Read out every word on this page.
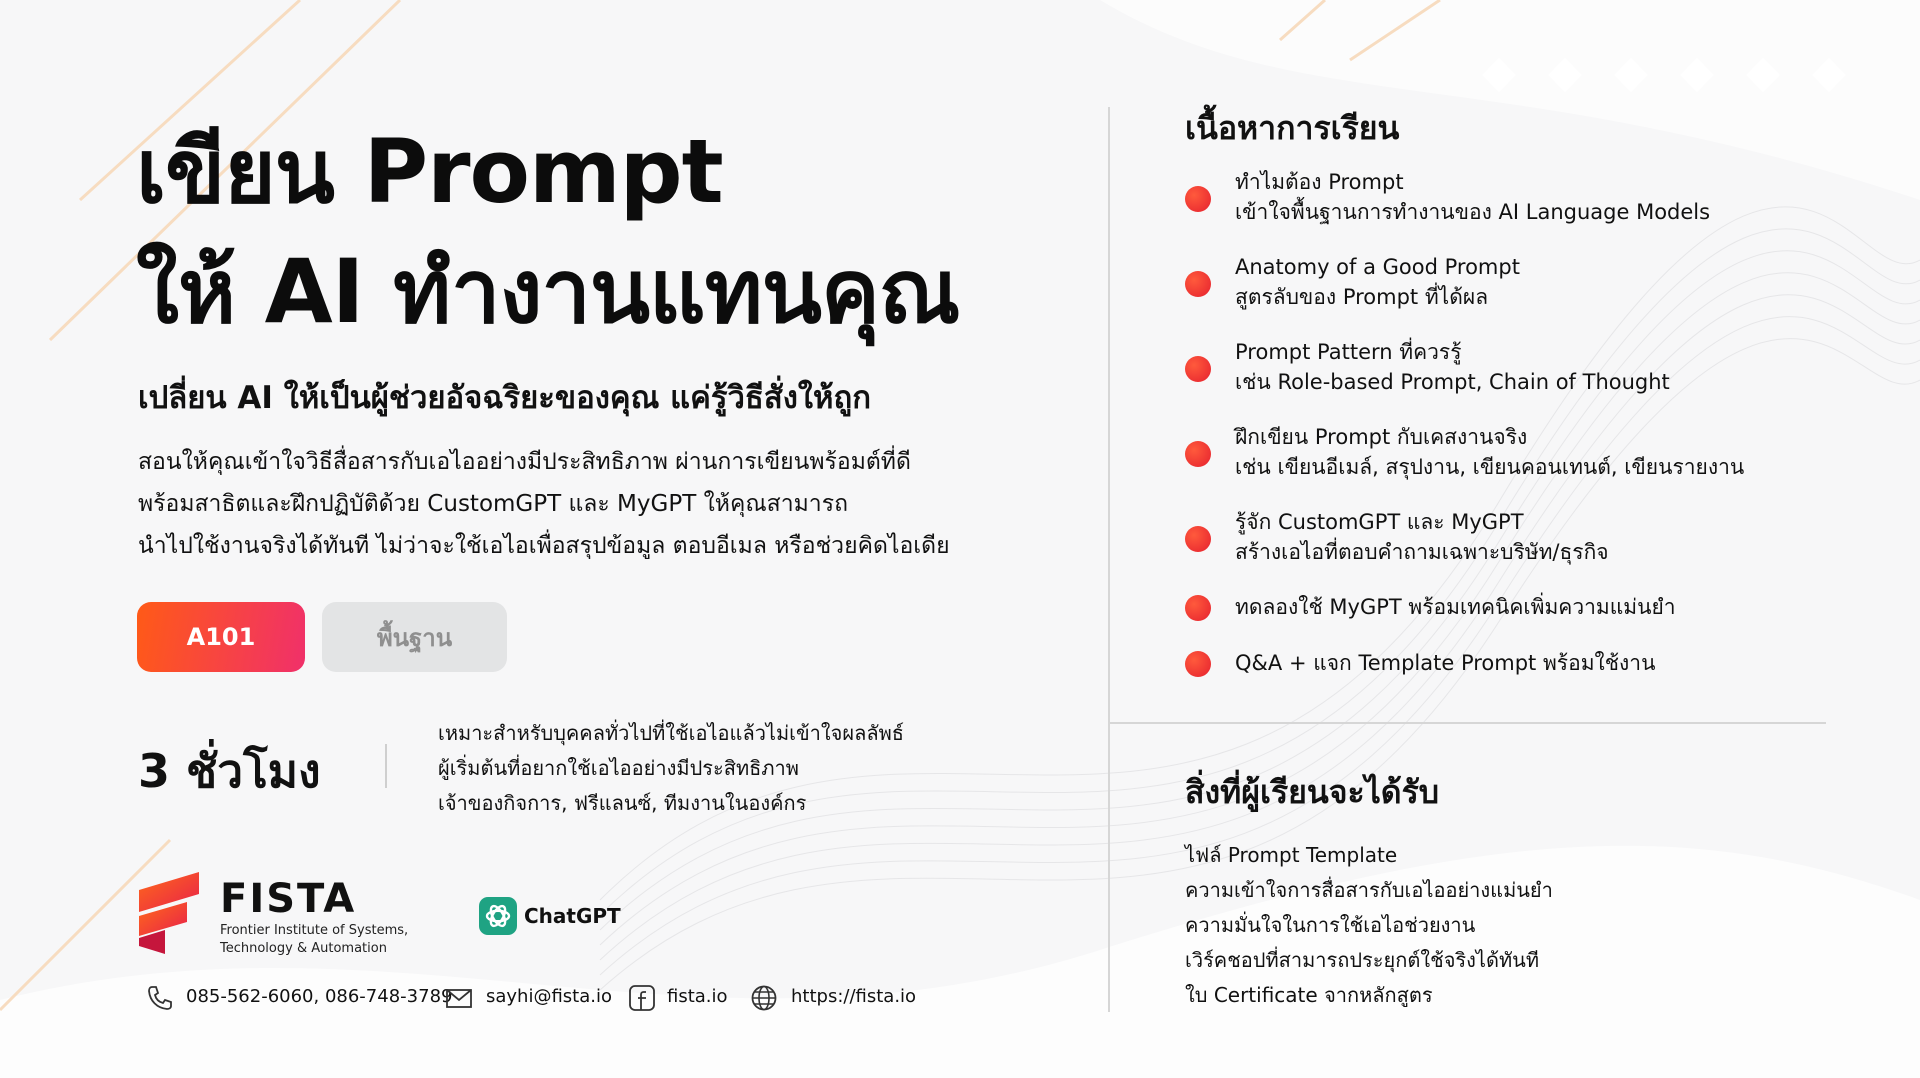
เขียน Prompt
ให้ AI ทำงานแทนคุณ
เปลี่ยน AI ให้เป็นผู้ช่วยอัจฉริยะของคุณ แค่รู้วิธีสั่งให้ถูก
สอนให้คุณเข้าใจวิธีสื่อสารกับเอไออย่างมีประสิทธิภาพ ผ่านการเขียนพร้อมต์ที่ดี
พร้อมสาธิตและฝึกปฏิบัติด้วย CustomGPT และ MyGPT ให้คุณสามารถ
นำไปใช้งานจริงได้ทันที ไม่ว่าจะใช้เอไอเพื่อสรุปข้อมูล ตอบอีเมล หรือช่วยคิดไอเดีย
A101	พื้นฐาน
3 ชั่วโมง
เหมาะสำหรับบุคคลทั่วไปที่ใช้เอไอแล้วไม่เข้าใจผลลัพธ์
ผู้เริ่มต้นที่อยากใช้เอไออย่างมีประสิทธิภาพ
เจ้าของกิจการ, ฟรีแลนซ์, ทีมงานในองค์กร
FISTA
Frontier Institute of Systems,
Technology & Automation
ChatGPT
085-562-6060, 086-748-3789 sayhi@fista.io	fista.io	https://fista.io
เนื้อหาการเรียน
ทำไมต้อง Prompt
เข้าใจพื้นฐานการทำงานของ AI Language Models
Anatomy of a Good Prompt
สูตรลับของ Prompt ที่ได้ผล
Prompt Pattern ที่ควรรู้
เช่น Role-based Prompt, Chain of Thought
ฝึกเขียน Prompt กับเคสงานจริง
เช่น เขียนอีเมล์, สรุปงาน, เขียนคอนเทนต์, เขียนรายงาน
รู้จัก CustomGPT และ MyGPT
สร้างเอไอที่ตอบคำถามเฉพาะบริษัท/ธุรกิจ
ทดลองใช้ MyGPT พร้อมเทคนิคเพิ่มความแม่นยำ
Q&A + แจก Template Prompt พร้อมใช้งาน
สิ่งที่ผู้เรียนจะได้รับ
ไฟล์ Prompt Template
ความเข้าใจการสื่อสารกับเอไออย่างแม่นยำ
ความมั่นใจในการใช้เอไอช่วยงาน
เวิร์คชอปที่สามารถประยุกต์ใช้จริงได้ทันที
ใบ Certificate จากหลักสูตร
